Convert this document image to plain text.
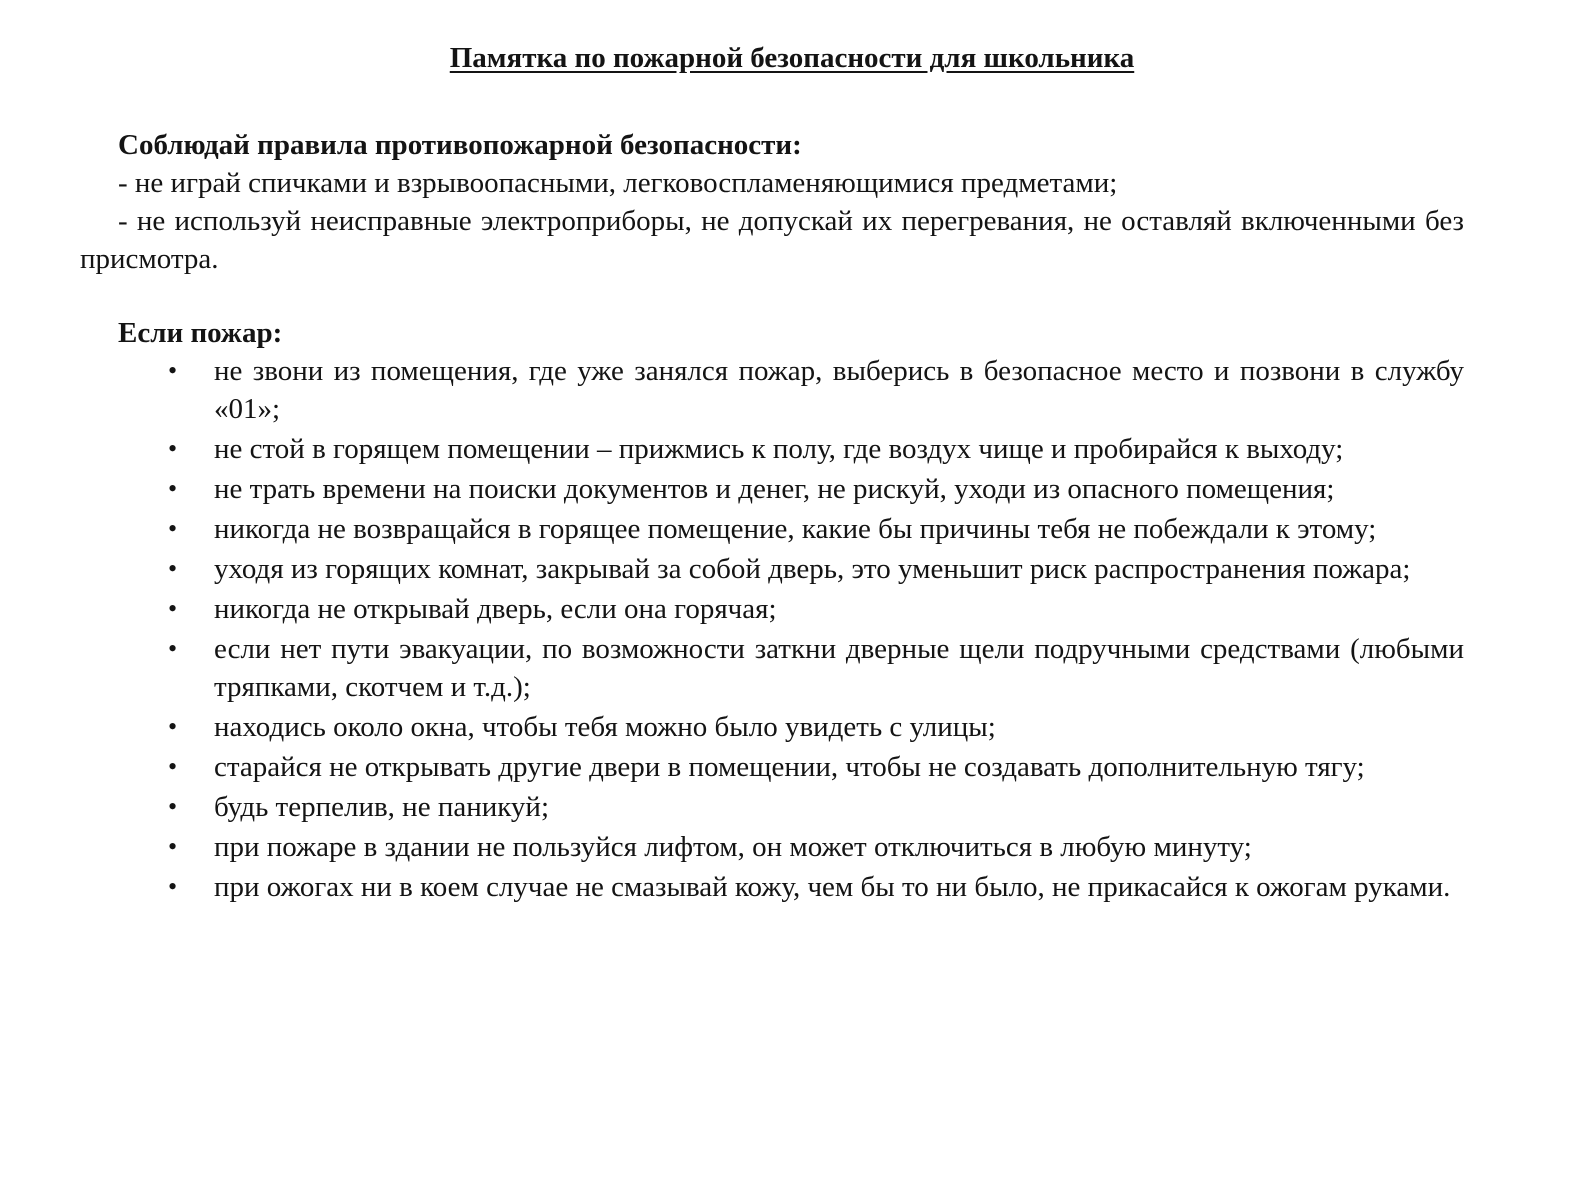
Памятка по пожарной безопасности для школьника

Соблюдай правила противопожарной безопасности:

- не играй спичками и взрывоопасными, легковоспламеняющимися предметами;

- не используй неисправные электроприборы, не допускай их перегревания, не оставляй включенными без присмотра.

Если пожар:

• не звони из помещения, где уже занялся пожар, выберись в безопасное место и позвони в службу «01»;
• не стой в горящем помещении – прижмись к полу, где воздух чище и пробирайся к выходу;
• не трать времени на поиски документов и денег, не рискуй, уходи из опасного помещения;
• никогда не возвращайся в горящее помещение, какие бы причины тебя не побеждали к этому;
• уходя из горящих комнат, закрывай за собой дверь, это уменьшит риск распространения пожара;
• никогда не открывай дверь, если она горячая;
• если нет пути эвакуации, по возможности заткни дверные щели подручными средствами (любыми тряпками, скотчем и т.д.);
• находись около окна, чтобы тебя можно было увидеть с улицы;
• старайся не открывать другие двери в помещении, чтобы не создавать дополнительную тягу;
• будь терпелив, не паникуй;
• при пожаре в здании не пользуйся лифтом, он может отключиться в любую минуту;
• при ожогах ни в коем случае не смазывай кожу, чем бы то ни было, не прикасайся к ожогам руками.
